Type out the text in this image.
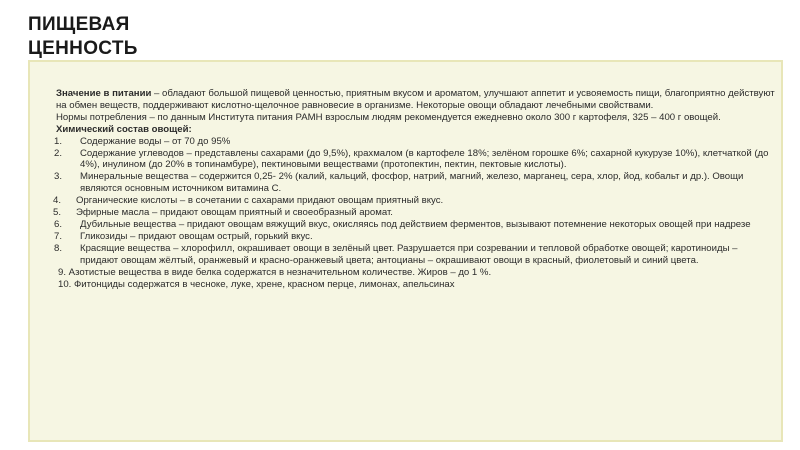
ПИЩЕВАЯ
ЦЕННОСТЬ

Значение в питании – обладают большой пищевой ценностью, приятным вкусом и ароматом, улучшают аппетит и усвояемость пищи, благоприятно действуют на обмен веществ, поддерживают кислотно-щелочное равновесие в организме. Некоторые овощи обладают лечебными свойствами.

Нормы потребления – по данным Института питания РАМН взрослым людям рекомендуется ежедневно около 300 г картофеля, 325 – 400 г овощей.

Химический состав овощей:

1. Содержание воды – от 70 до 95%
2. Содержание углеводов – представлены сахарами (до 9,5%), крахмалом (в картофеле 18%; зелёном горошке 6%; сахарной кукурузе 10%), клетчаткой (до 4%), инулином (до 20% в топинамбуре), пектиновыми веществами (протопектин, пектин, пектовые кислоты).
3. Минеральные вещества – содержится 0,25- 2% (калий, кальций, фосфор, натрий, магний, железо, марганец, сера, хлор, йод, кобальт и др.). Овощи являются основным источником витамина С.
4. Органические кислоты – в сочетании с сахарами придают овощам приятный вкус.
5. Эфирные масла – придают овощам приятный и своеобразный аромат.
6. Дубильные вещества – придают овощам вяжущий вкус, окисляясь под действием ферментов, вызывают потемнение некоторых овощей при надрезе
7. Гликозиды – придают овощам острый, горький вкус.
8. Красящие вещества – хлорофилл, окрашивает овощи в зелёный цвет. Разрушается при созревании и тепловой обработке овощей; каротиноиды – придают овощам жёлтый, оранжевый и красно-оранжевый цвета; антоцианы – окрашивают овощи в красный, фиолетовый и синий цвета.

9. Азотистые вещества в виде белка содержатся в незначительном количестве. Жиров – до 1 %.

10. Фитонциды содержатся в чесноке, луке, хрене, красном перце, лимонах, апельсинах
